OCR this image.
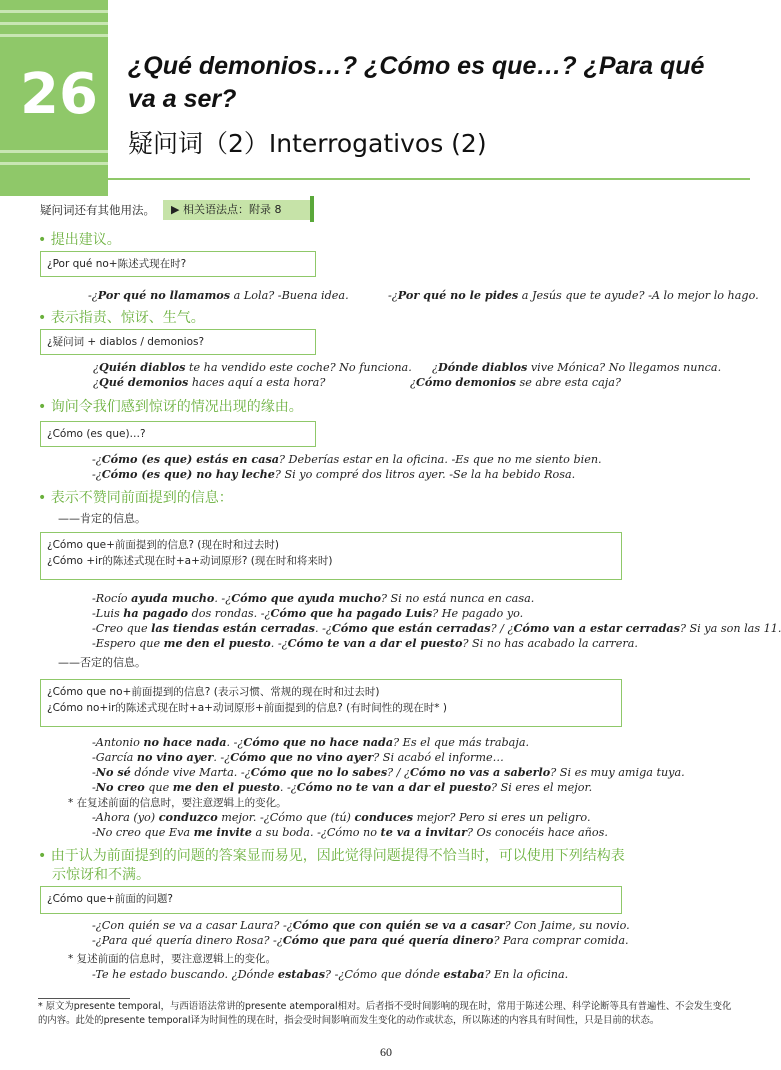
26 ¿Qué demonios…? ¿Cómo es que…? ¿Para qué va a ser?
疑问词（2）Interrogativos (2)
疑问词还有其他用法。	▶ 相关语法点：附录 8
• 提出建议。
¿Por qué no+陈述式现在时?
-¿Por qué no llamamos a Lola? -Buena idea.	-¿Por qué no le pides a Jesús que te ayude? -A lo mejor lo hago.
• 表示指责、惊讶、生气。
¿疑问词 + diablos / demonios?
¿Quién diablos te ha vendido este coche? No funciona. ¿Dónde diablos vive Mónica? No llegamos nunca.
¿Qué demonios haces aquí a esta hora?	¿Cómo demonios se abre esta caja?
• 询问令我们感到惊讶的情况出现的缘由。
¿Cómo (es que)…?
-¿Cómo (es que) estás en casa? Deberías estar en la oficina. -Es que no me siento bien.
-¿Cómo (es que) no hay leche? Si yo compré dos litros ayer. -Se la ha bebido Rosa.
• 表示不赞同前面提到的信息：
——肯定的信息。
¿Cómo que+前面提到的信息? (现在时和过去时)
¿Cómo +ir的陈述式现在时+a+动词原形? (现在时和将来时)
-Rocío ayuda mucho. -¿Cómo que ayuda mucho? Si no está nunca en casa.
-Luis ha pagado dos rondas. -¿Cómo que ha pagado Luis? He pagado yo.
-Creo que las tiendas están cerradas. -¿Cómo que están cerradas? / ¿Cómo van a estar cerradas? Si ya son las 11.
-Espero que me den el puesto. -¿Cómo te van a dar el puesto? Si no has acabado la carrera.
——否定的信息。
¿Cómo que no+前面提到的信息? (表示习惯、常规的现在时和过去时)
¿Cómo no+ir的陈述式现在时+a+动词原形+前面提到的信息? (有时间性的现在时* )
-Antonio no hace nada. -¿Cómo que no hace nada? Es el que más trabaja.
-García no vino ayer. -¿Cómo que no vino ayer? Si acabó el informe…
-No sé dónde vive Marta. -¿Cómo que no lo sabes? / ¿Cómo no vas a saberlo? Si es muy amiga tuya.
-No creo que me den el puesto. -¿Cómo no te van a dar el puesto? Si eres el mejor.
* 在复述前面的信息时，要注意逻辑上的变化。
-Ahora (yo) conduzco mejor. -¿Cómo que (tú) conduces mejor? Pero si eres un peligro.
-No creo que Eva me invite a su boda. -¿Cómo no te va a invitar? Os conocéis hace años.
• 由于认为前面提到的问题的答案显而易见，因此觉得问题提得不恰当时，可以使用下列结构表
示惊讶和不满。
¿Cómo que+前面的问题?
-¿Con quién se va a casar Laura? -¿Cómo que con quién se va a casar? Con Jaime, su novio.
-¿Para qué quería dinero Rosa? -¿Cómo que para qué quería dinero? Para comprar comida.
* 复述前面的信息时，要注意逻辑上的变化。
-Te he estado buscando. ¿Dónde estabas? -¿Cómo que dónde estaba? En la oficina.
* 原文为presente temporal，与西语语法常讲的presente atemporal相对。后者指不受时间影响的现在时，常用于陈述公理、科学论断等具有普遍性、不会发生变化的内容。此处的presente temporal译为时间性的现在时，指会受时间影响而发生变化的动作或状态，所以陈述的内容具有时间性，只是目前的状态。
60
